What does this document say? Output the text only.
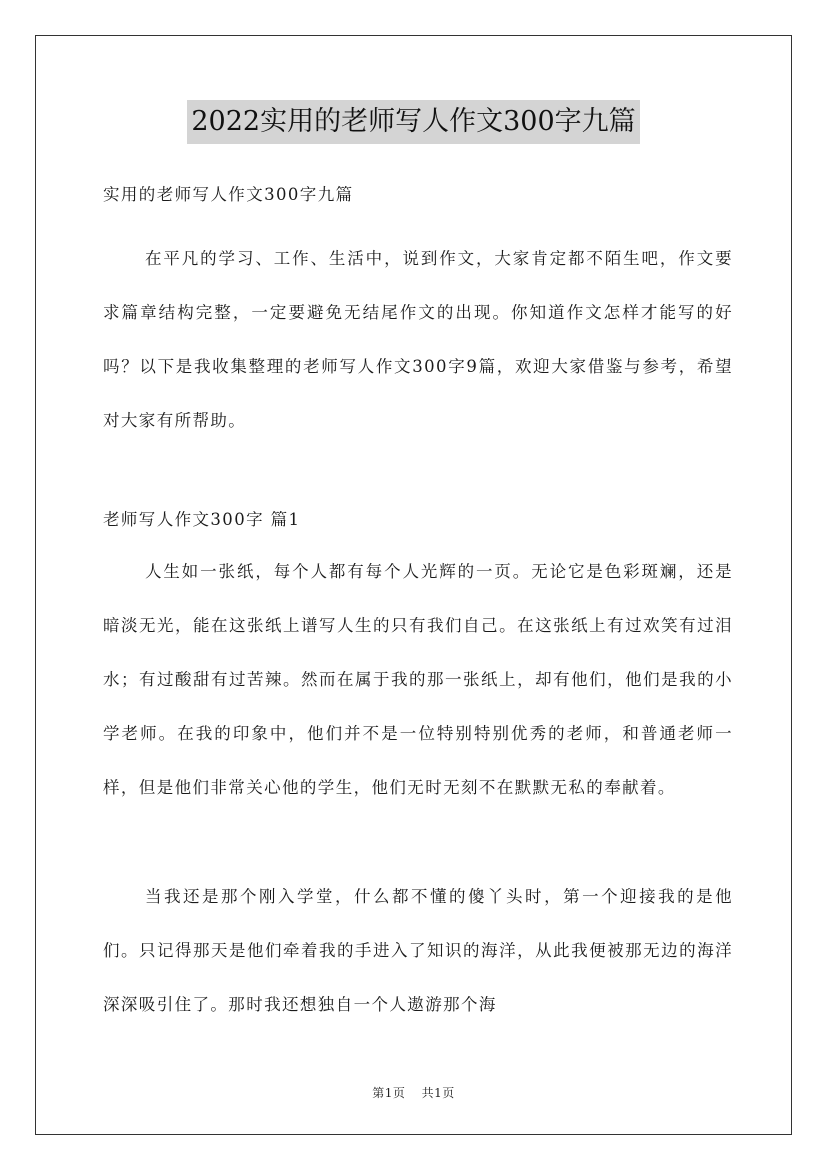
2022实用的老师写人作文300字九篇
实用的老师写人作文300字九篇
在平凡的学习、工作、生活中，说到作文，大家肯定都不陌生吧，作文要求篇章结构完整，一定要避免无结尾作文的出现。你知道作文怎样才能写的好吗？以下是我收集整理的老师写人作文300字9篇，欢迎大家借鉴与参考，希望对大家有所帮助。
老师写人作文300字 篇1
人生如一张纸，每个人都有每个人光辉的一页。无论它是色彩斑斓，还是暗淡无光，能在这张纸上谱写人生的只有我们自己。在这张纸上有过欢笑有过泪水；有过酸甜有过苦辣。然而在属于我的那一张纸上，却有他们，他们是我的小学老师。在我的印象中，他们并不是一位特别特别优秀的老师，和普通老师一样，但是他们非常关心他的学生，他们无时无刻不在默默无私的奉献着。
当我还是那个刚入学堂，什么都不懂的傻丫头时，第一个迎接我的是他们。只记得那天是他们牵着我的手进入了知识的海洋，从此我便被那无边的海洋深深吸引住了。那时我还想独自一个人遨游那个海
第1页 共1页
